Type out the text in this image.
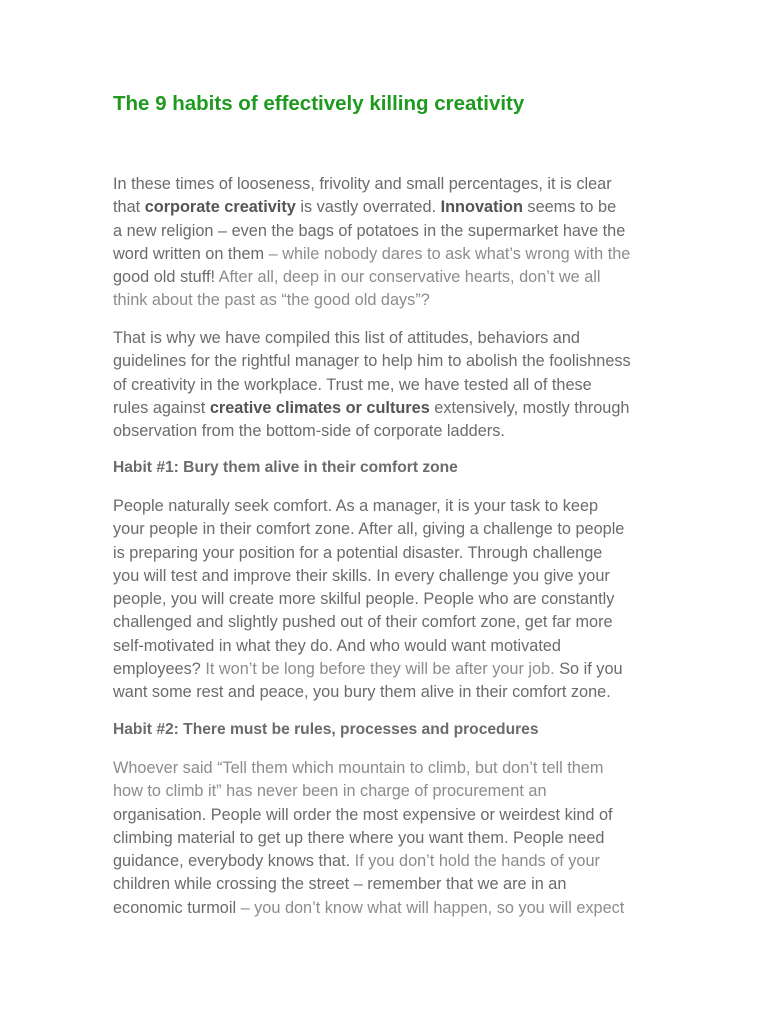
The 9 habits of effectively killing creativity

In these times of looseness, frivolity and small percentages, it is clear
that corporate creativity is vastly overrated. Innovation seems to be
a new religion – even the bags of potatoes in the supermarket have the
word written on them – while nobody dares to ask what’s wrong with the
good old stuff! After all, deep in our conservative hearts, don’t we all
think about the past as “the good old days”?

That is why we have compiled this list of attitudes, behaviors and
guidelines for the rightful manager to help him to abolish the foolishness
of creativity in the workplace. Trust me, we have tested all of these
rules against creative climates or cultures extensively, mostly through
observation from the bottom-side of corporate ladders.

Habit #1: Bury them alive in their comfort zone

People naturally seek comfort. As a manager, it is your task to keep
your people in their comfort zone. After all, giving a challenge to people
is preparing your position for a potential disaster. Through challenge
you will test and improve their skills. In every challenge you give your
people, you will create more skilful people. People who are constantly
challenged and slightly pushed out of their comfort zone, get far more
self-motivated in what they do. And who would want motivated
employees? It won’t be long before they will be after your job. So if you
want some rest and peace, you bury them alive in their comfort zone.

Habit #2: There must be rules, processes and procedures

Whoever said “Tell them which mountain to climb, but don’t tell them
how to climb it” has never been in charge of procurement an
organisation. People will order the most expensive or weirdest kind of
climbing material to get up there where you want them. People need
guidance, everybody knows that. If you don’t hold the hands of your
children while crossing the street – remember that we are in an
economic turmoil – you don’t know what will happen, so you will expect
